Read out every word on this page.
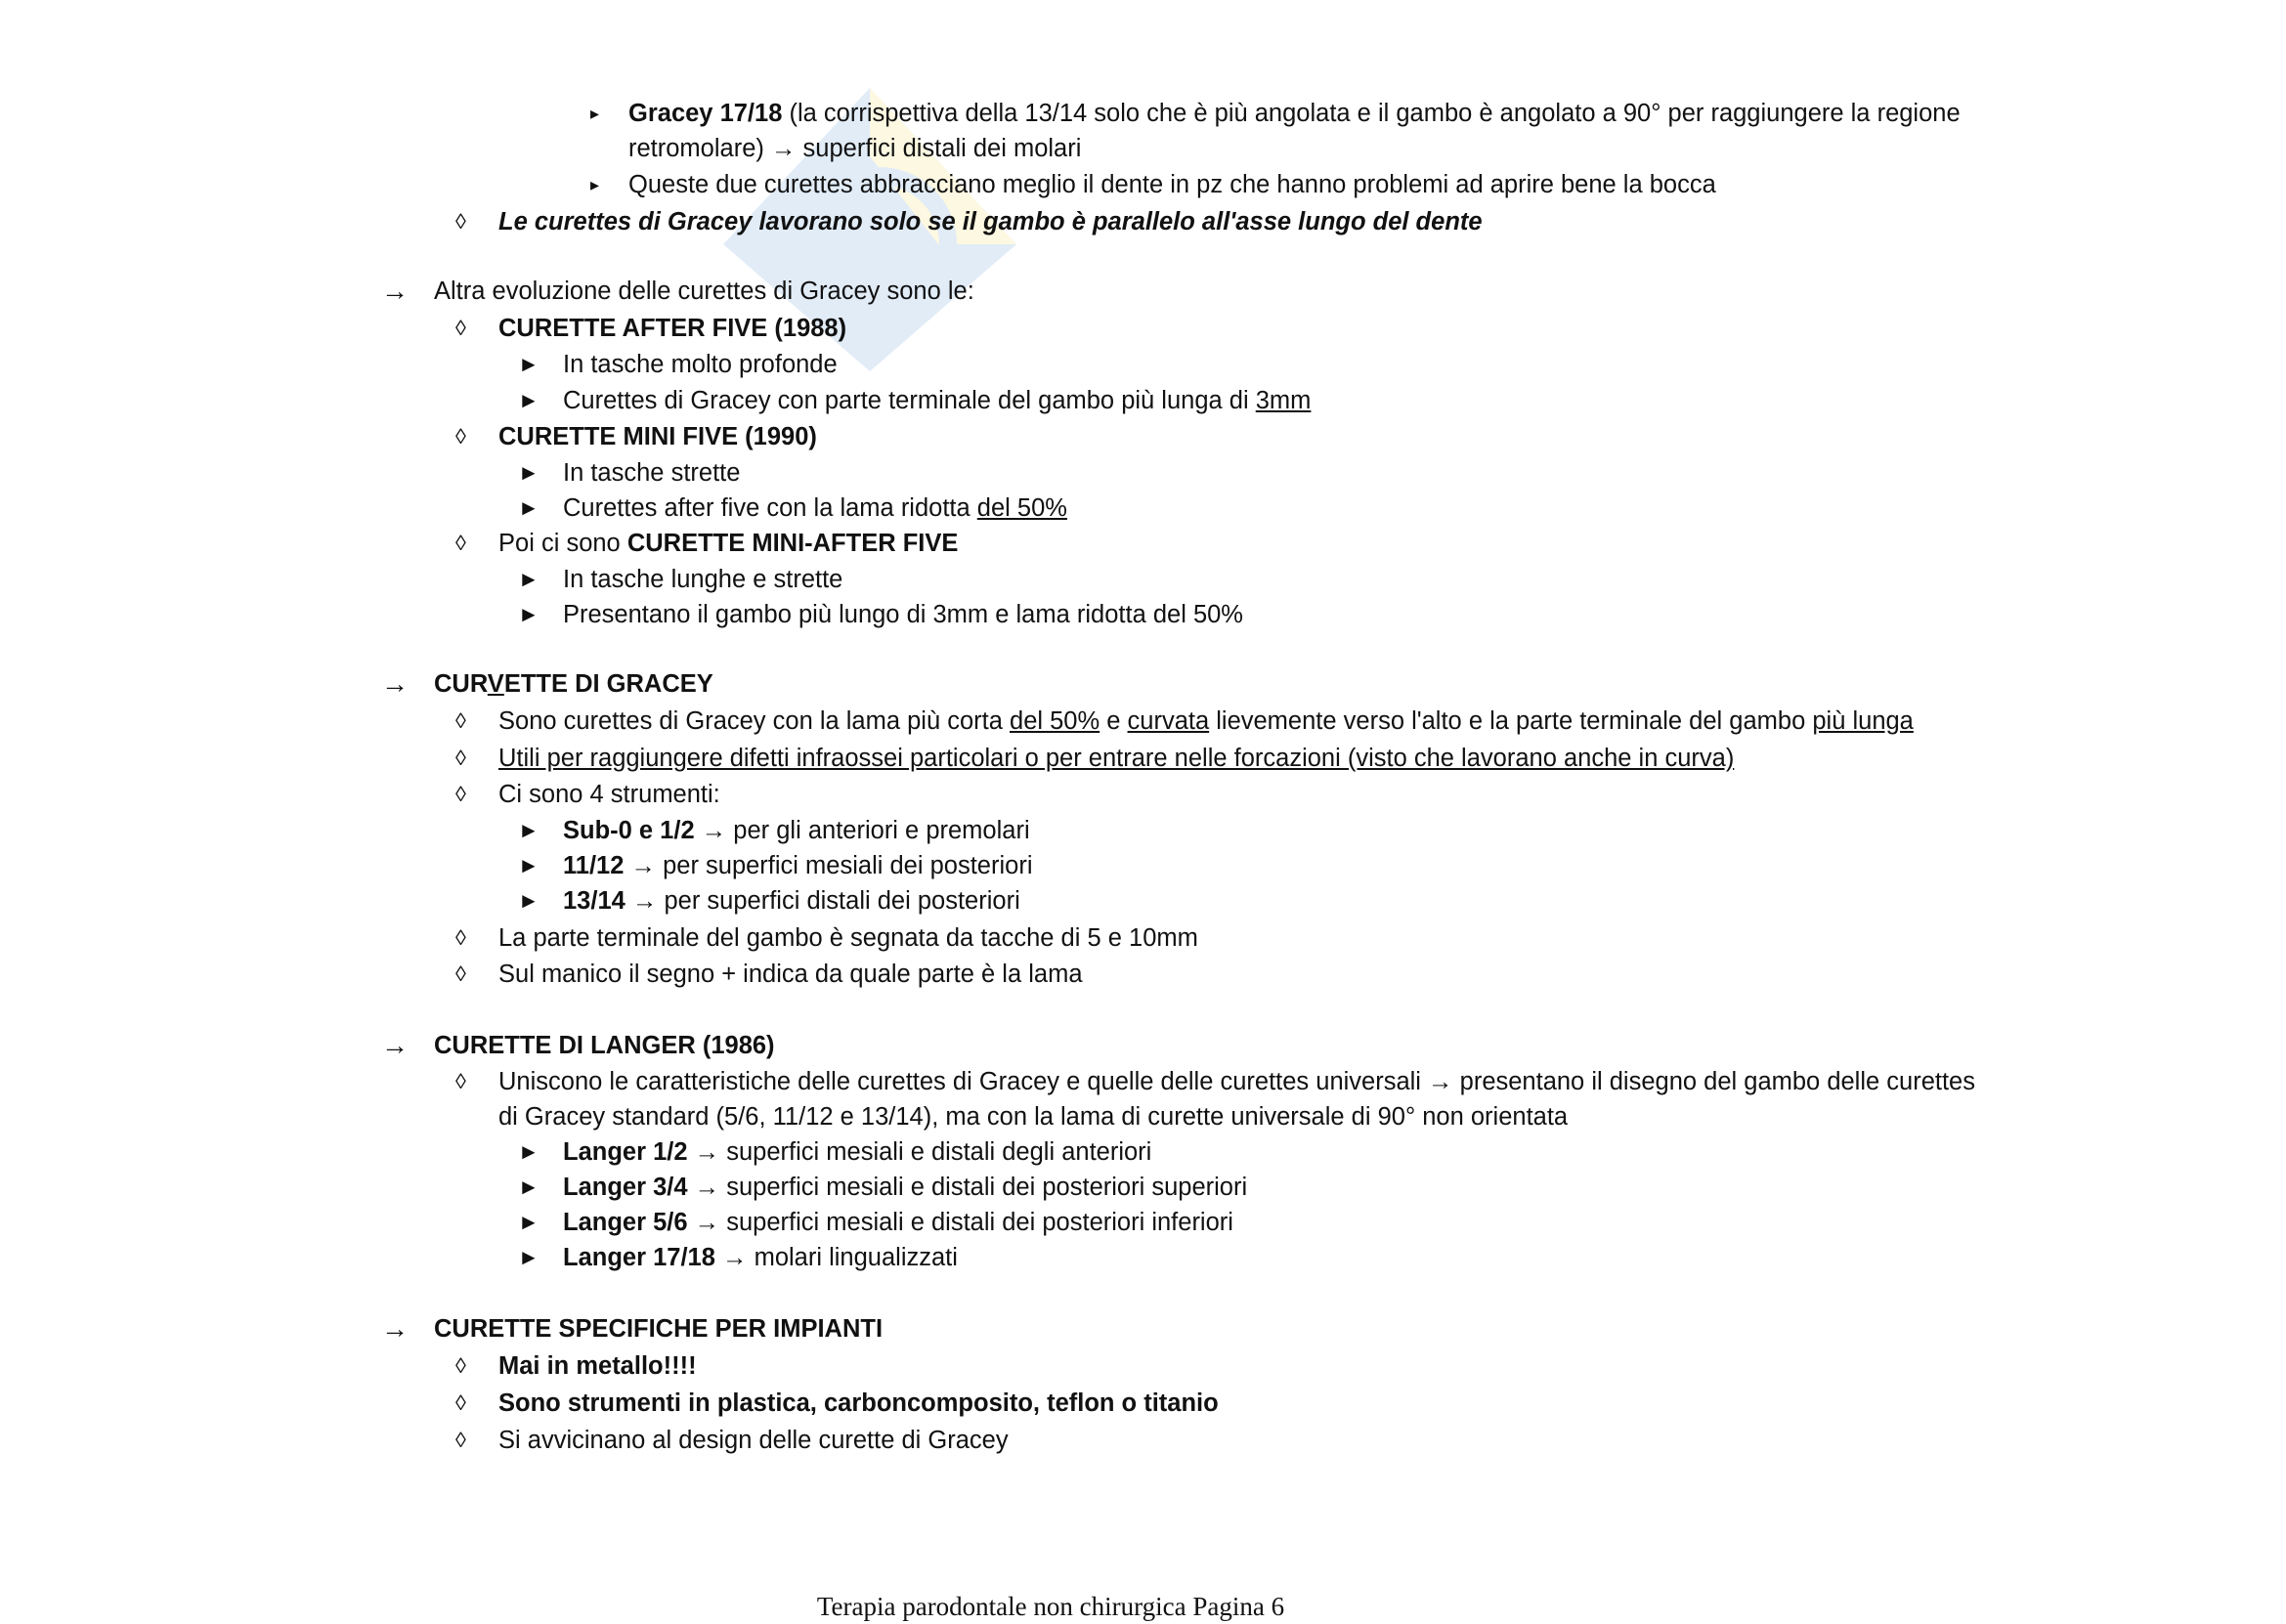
▸ Gracey 17/18 (la corrispettiva della 13/14 solo che è più angolata e il gambo è angolato a 90° per raggiungere la regione
retromolare) → superfici distali dei molari
▸ Queste due curettes abbracciano meglio il dente in pz che hanno problemi ad aprire bene la bocca
◊ Le curettes di Gracey lavorano solo se il gambo è parallelo all'asse lungo del dente
→ Altra evoluzione delle curettes di Gracey sono le:
◊ CURETTE AFTER FIVE (1988)
► In tasche molto profonde
► Curettes di Gracey con parte terminale del gambo più lunga di 3mm
◊ CURETTE MINI FIVE (1990)
► In tasche strette
► Curettes after five con la lama ridotta del 50%
◊ Poi ci sono CURETTE MINI-AFTER FIVE
► In tasche lunghe e strette
► Presentano il gambo più lungo di 3mm e lama ridotta del 50%
→ CURVETTE DI GRACEY
◊ Sono curettes di Gracey con la lama più corta del 50% e curvata lievemente verso l'alto e la parte terminale del gambo più lunga
◊ Utili per raggiungere difetti infraossei particolari o per entrare nelle forcazioni (visto che lavorano anche in curva)
◊ Ci sono 4 strumenti:
► Sub-0 e 1/2 → per gli anteriori e premolari
► 11/12 → per superfici mesiali dei posteriori
► 13/14 → per superfici distali dei posteriori
◊ La parte terminale del gambo è segnata da tacche di 5 e 10mm
◊ Sul manico il segno + indica da quale parte è la lama
→ CURETTE DI LANGER (1986)
◊ Uniscono le caratteristiche delle curettes di Gracey e quelle delle curettes universali → presentano il disegno del gambo delle curettes
di Gracey standard (5/6, 11/12 e 13/14), ma con la lama di curette universale di 90° non orientata
► Langer 1/2 → superfici mesiali e distali degli anteriori
► Langer 3/4 → superfici mesiali e distali dei posteriori superiori
► Langer 5/6 → superfici mesiali e distali dei posteriori inferiori
► Langer 17/18 → molari lingualizzati
→ CURETTE SPECIFICHE PER IMPIANTI
◊ Mai in metallo!!!!
◊ Sono strumenti in plastica, carboncomposito, teflon o titanio
◊ Si avvicinano al design delle curette di Gracey
Terapia parodontale non chirurgica Pagina 6
